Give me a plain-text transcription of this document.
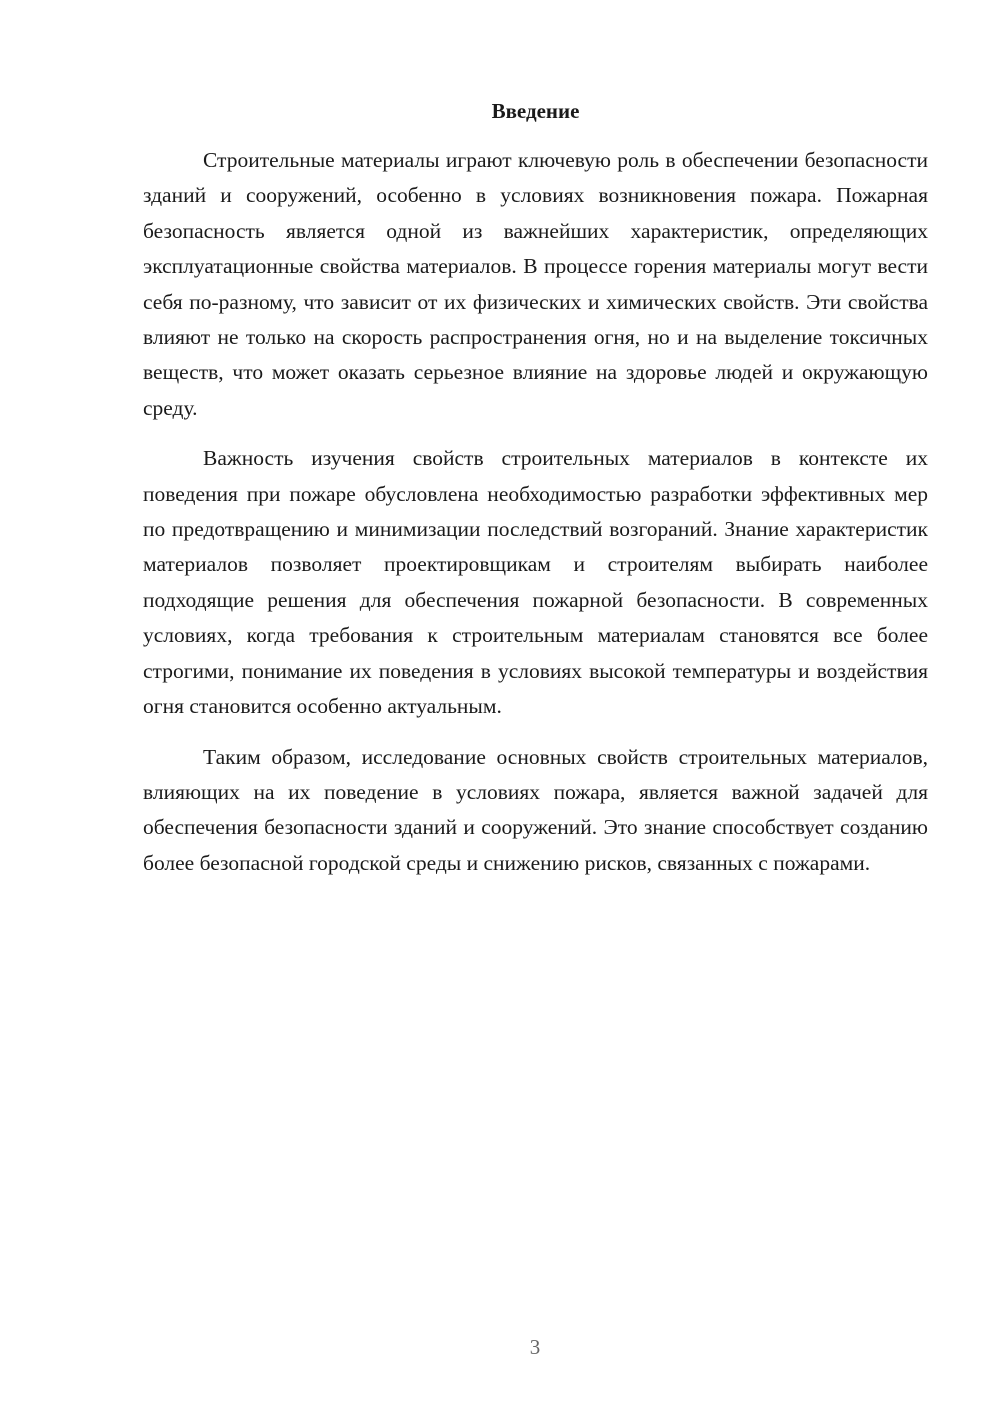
Введение

Строительные материалы играют ключевую роль в обеспечении безопасности зданий и сооружений, особенно в условиях возникновения пожара. Пожарная безопасность является одной из важнейших характеристик, определяющих эксплуатационные свойства материалов. В процессе горения материалы могут вести себя по-разному, что зависит от их физических и химических свойств. Эти свойства влияют не только на скорость распространения огня, но и на выделение токсичных веществ, что может оказать серьезное влияние на здоровье людей и окружающую среду.

Важность изучения свойств строительных материалов в контексте их поведения при пожаре обусловлена необходимостью разработки эффективных мер по предотвращению и минимизации последствий возгораний. Знание характеристик материалов позволяет проектировщикам и строителям выбирать наиболее подходящие решения для обеспечения пожарной безопасности. В современных условиях, когда требования к строительным материалам становятся все более строгими, понимание их поведения в условиях высокой температуры и воздействия огня становится особенно актуальным.

Таким образом, исследование основных свойств строительных материалов, влияющих на их поведение в условиях пожара, является важной задачей для обеспечения безопасности зданий и сооружений. Это знание способствует созданию более безопасной городской среды и снижению рисков, связанных с пожарами.

3
